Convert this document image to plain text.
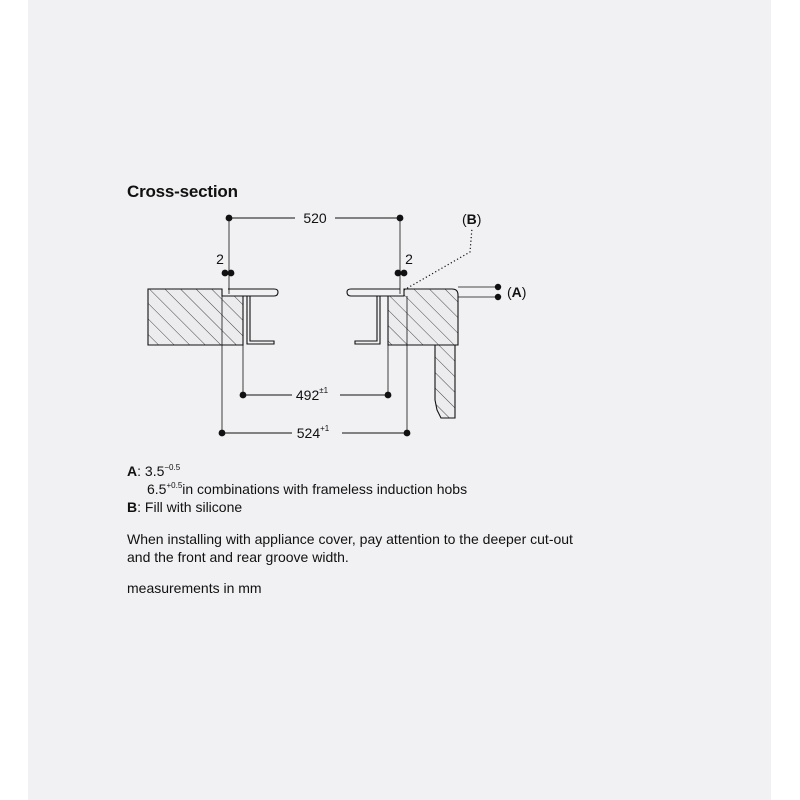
Cross-section
520
2	2
$492^{\pm 1}$
$524^{+1}$
(A)
(B)
A: $3.5^{-0.5}$
$6.5^{+0.5}in$ combinations with frameless induction hobs
B: Fill with silicone
When installing with appliance cover, pay attention to the deeper cut-out and the front and rear groove width.
measurements in mm
